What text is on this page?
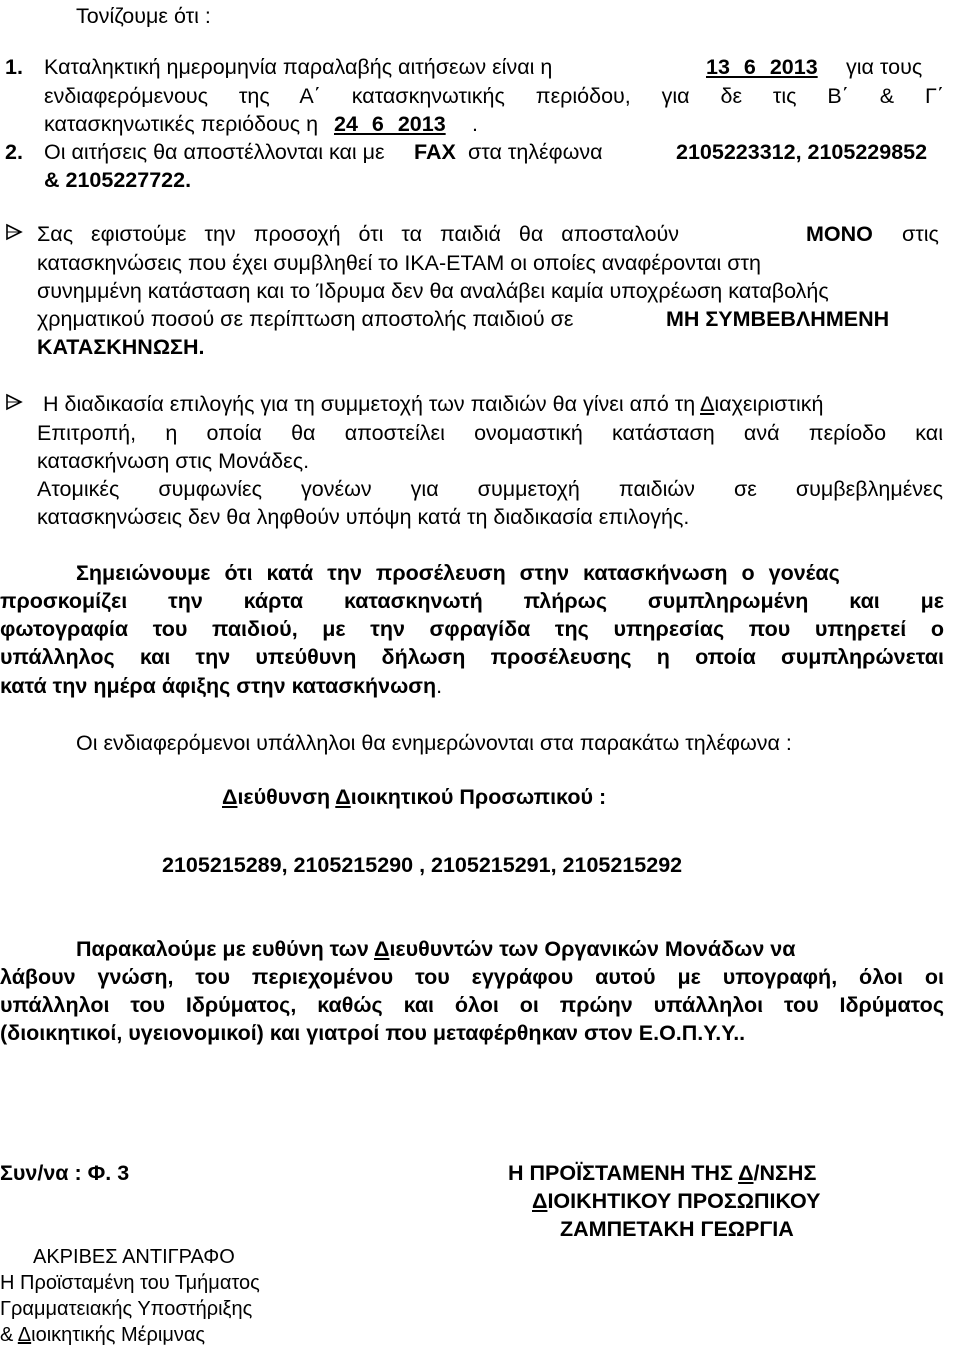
Τονίζουμε ότι :
1. Καταληκτική ημερομηνία παραλαβής αιτήσεων είναι η	13 6 2013 για τους
ενδιαφερόμενους της Α΄ κατασκηνωτικής περιόδου, για δε τις Β΄ & Γ΄
κατασκηνωτικές περιόδους η 24 6 2013 .
2. Οι αιτήσεις θα αποστέλλονται και με FAX στα τηλέφωνα	2105223312, 2105229852
& 2105227722.
Σας εφιστούμε την προσοχή ότι τα παιδιά θα αποσταλούν	ΜΟΝΟ στις
κατασκηνώσεις που έχει συμβληθεί το ΙΚΑ-ΕΤΑΜ οι οποίες αναφέρονται στη
συνημμένη κατάσταση και το Ίδρυμα δεν θα αναλάβει καμία υποχρέωση καταβολής
χρηματικού ποσού σε περίπτωση αποστολής παιδιού σε	ΜΗ ΣΥΜΒΕΒΛΗΜΕΝΗ
ΚΑΤΑΣΚΗΝΩΣΗ.
Η διαδικασία επιλογής για τη συμμετοχή των παιδιών θα γίνει από τη Διαχειριστική
Επιτροπή, η οποία θα αποστείλει ονομαστική κατάσταση ανά περίοδο και
κατασκήνωση στις Μονάδες.
Ατομικές συμφωνίες γονέων για συμμετοχή παιδιών σε συμβεβλημένες
κατασκηνώσεις δεν θα ληφθούν υπόψη κατά τη διαδικασία επιλογής.
Σημειώνουμε ότι κατά την προσέλευση στην κατασκήνωση ο γονέας
προσκομίζει την κάρτα κατασκηνωτή πλήρως συμπληρωμένη και με
φωτογραφία του παιδιού, με την σφραγίδα της υπηρεσίας που υπηρετεί ο
υπάλληλος και την υπεύθυνη δήλωση προσέλευσης η οποία συμπληρώνεται
κατά την ημέρα άφιξης στην κατασκήνωση.
Οι ενδιαφερόμενοι υπάλληλοι θα ενημερώνονται στα παρακάτω τηλέφωνα :
Διεύθυνση Διοικητικού Προσωπικού :
2105215289, 2105215290 , 2105215291, 2105215292
Παρακαλούμε με ευθύνη των Διευθυντών των Οργανικών Μονάδων να
λάβουν γνώση, του περιεχομένου του εγγράφου αυτού με υπογραφή, όλοι οι
υπάλληλοι του Ιδρύματος, καθώς και όλοι οι πρώην υπάλληλοι του Ιδρύματος
(διοικητικοί, υγειονομικοί) και γιατροί που μεταφέρθηκαν στον Ε.Ο.Π.Υ.Υ..
Συν/να : Φ. 3	Η ΠΡΟΪΣΤΑΜΕΝΗ ΤΗΣ Δ/ΝΣΗΣ
ΔΙΟΙΚΗΤΙΚΟΥ ΠΡΟΣΩΠΙΚΟΥ
ΖΑΜΠΕΤΑΚΗ ΓΕΩΡΓΙΑ
ΑΚΡΙΒΕΣ ΑΝΤΙΓΡΑΦΟ
Η Προϊσταμένη του Τμήματος
Γραμματειακής Υποστήριξης
& Διοικητικής Μέριμνας
